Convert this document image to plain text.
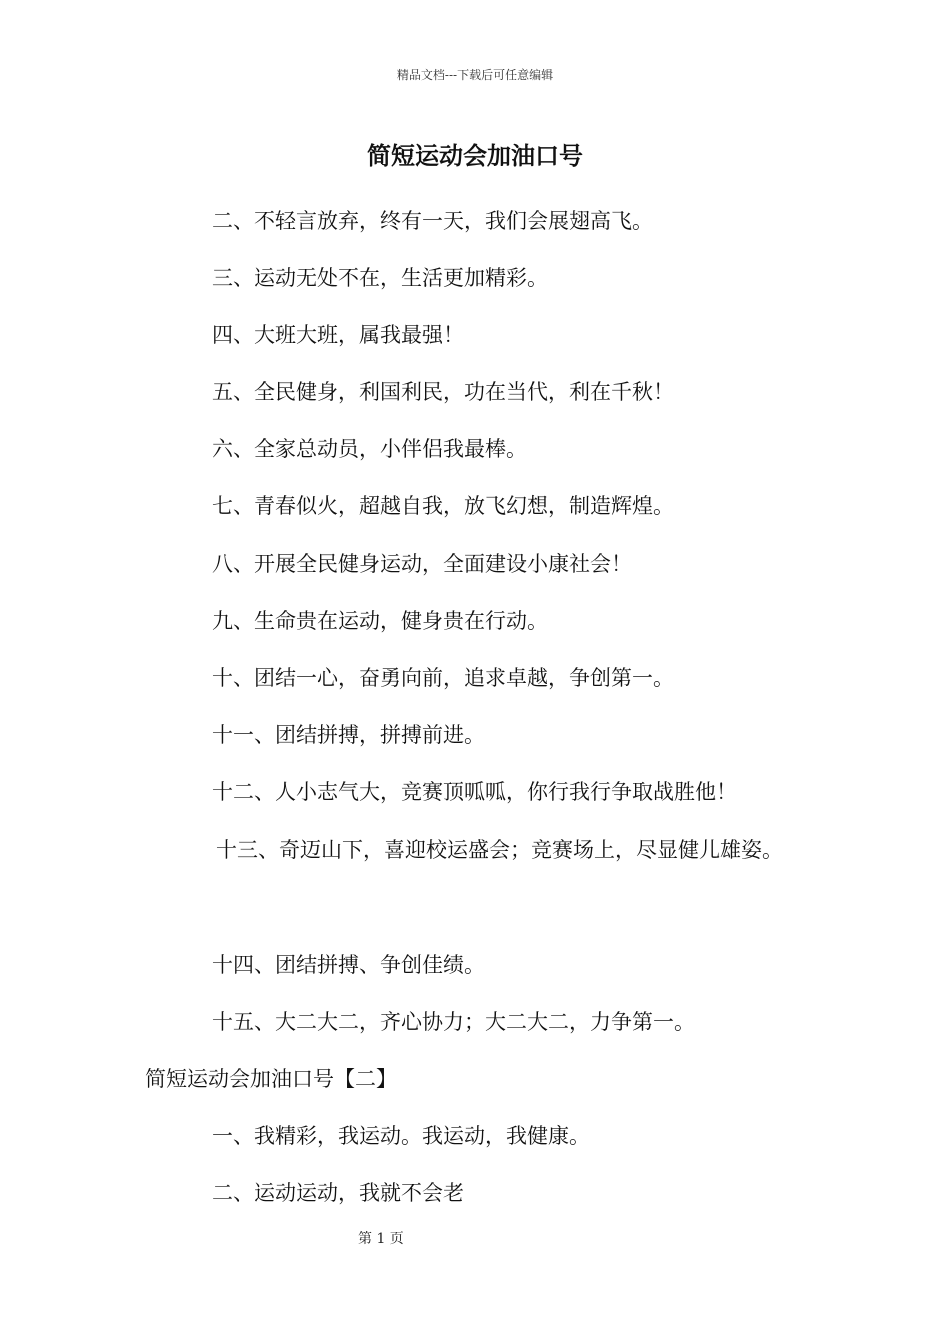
精品文档---下载后可任意编辑
简短运动会加油口号
二、不轻言放弃，终有一天，我们会展翅高飞。
三、运动无处不在，生活更加精彩。
四、大班大班，属我最强！
五、全民健身，利国利民，功在当代，利在千秋！
六、全家总动员，小伴侣我最棒。
七、青春似火，超越自我，放飞幻想，制造辉煌。
八、开展全民健身运动，全面建设小康社会！
九、生命贵在运动，健身贵在行动。
十、团结一心，奋勇向前，追求卓越，争创第一。
十一、团结拼搏，拼搏前进。
十二、人小志气大，竞赛顶呱呱，你行我行争取战胜他！
十三、奇迈山下，喜迎校运盛会；竞赛场上，尽显健儿雄姿。
十四、团结拼搏、争创佳绩。
十五、大二大二，齐心协力；大二大二，力争第一。
简短运动会加油口号【二】
一、我精彩，我运动。我运动，我健康。
二、运动运动，我就不会老
第 1 页
